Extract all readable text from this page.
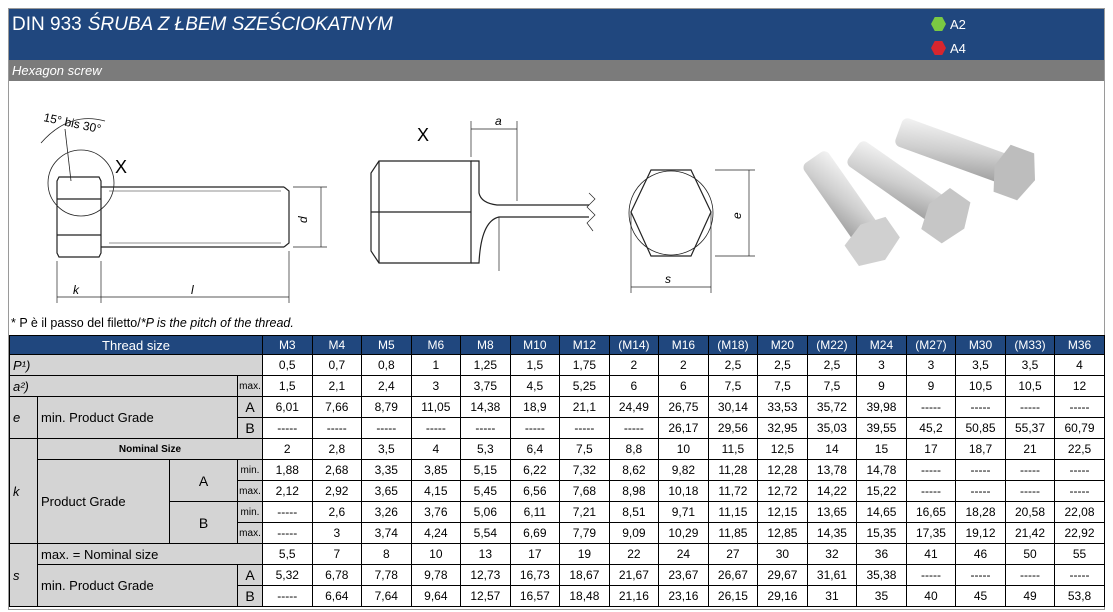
DIN 933 ŚRUBA Z ŁBEM SZEŚCIOKATNYM	A2
A4
Hexagon screw
15° bis 30°
X
k	l
d
X
a
s
e
* P è il passo del filetto/*P is the pitch of the thread.
Thread size				M3	M4	M5	M6	M8	M10	M12	(M14)	M16	(M18)	M20	(M22)	M24	(M27)	M30	(M33)	M36
P¹)				0,5	0,7	0,8	1	1,25	1,5	1,75	2	2	2,5	2,5	2,5	3	3	3,5	3,5	4
a²)			max.	1,5	2,1	2,4	3	3,75	4,5	5,25	6	6	7,5	7,5	7,5	9	9	10,5	10,5	12
e	min. Product Grade		A	6,01	7,66	8,79	11,05	14,38	18,9	21,1	24,49	26,75	30,14	33,53	35,72	39,98	-----	-----	-----	-----
			B	-----	-----	-----	-----	-----	-----	-----	-----	26,17	29,56	32,95	35,03	39,55	45,2	50,85	55,37	60,79
k	Nominal Size			2	2,8	3,5	4	5,3	6,4	7,5	8,8	10	11,5	12,5	14	15	17	18,7	21	22,5
	Product Grade	A	min.	1,88	2,68	3,35	3,85	5,15	6,22	7,32	8,62	9,82	11,28	12,28	13,78	14,78	-----	-----	-----	-----
			max.	2,12	2,92	3,65	4,15	5,45	6,56	7,68	8,98	10,18	11,72	12,72	14,22	15,22	-----	-----	-----	-----
		B	min.	-----	2,6	3,26	3,76	5,06	6,11	7,21	8,51	9,71	11,15	12,15	13,65	14,65	16,65	18,28	20,58	22,08
			max.	-----	3	3,74	4,24	5,54	6,69	7,79	9,09	10,29	11,85	12,85	14,35	15,35	17,35	19,12	21,42	22,92
s	max. = Nominal size			5,5	7	8	10	13	17	19	22	24	27	30	32	36	41	46	50	55
	min. Product Grade		A	5,32	6,78	7,78	9,78	12,73	16,73	18,67	21,67	23,67	26,67	29,67	31,61	35,38	-----	-----	-----	-----
			B	-----	6,64	7,64	9,64	12,57	16,57	18,48	21,16	23,16	26,15	29,16	31	35	40	45	49	53,8
